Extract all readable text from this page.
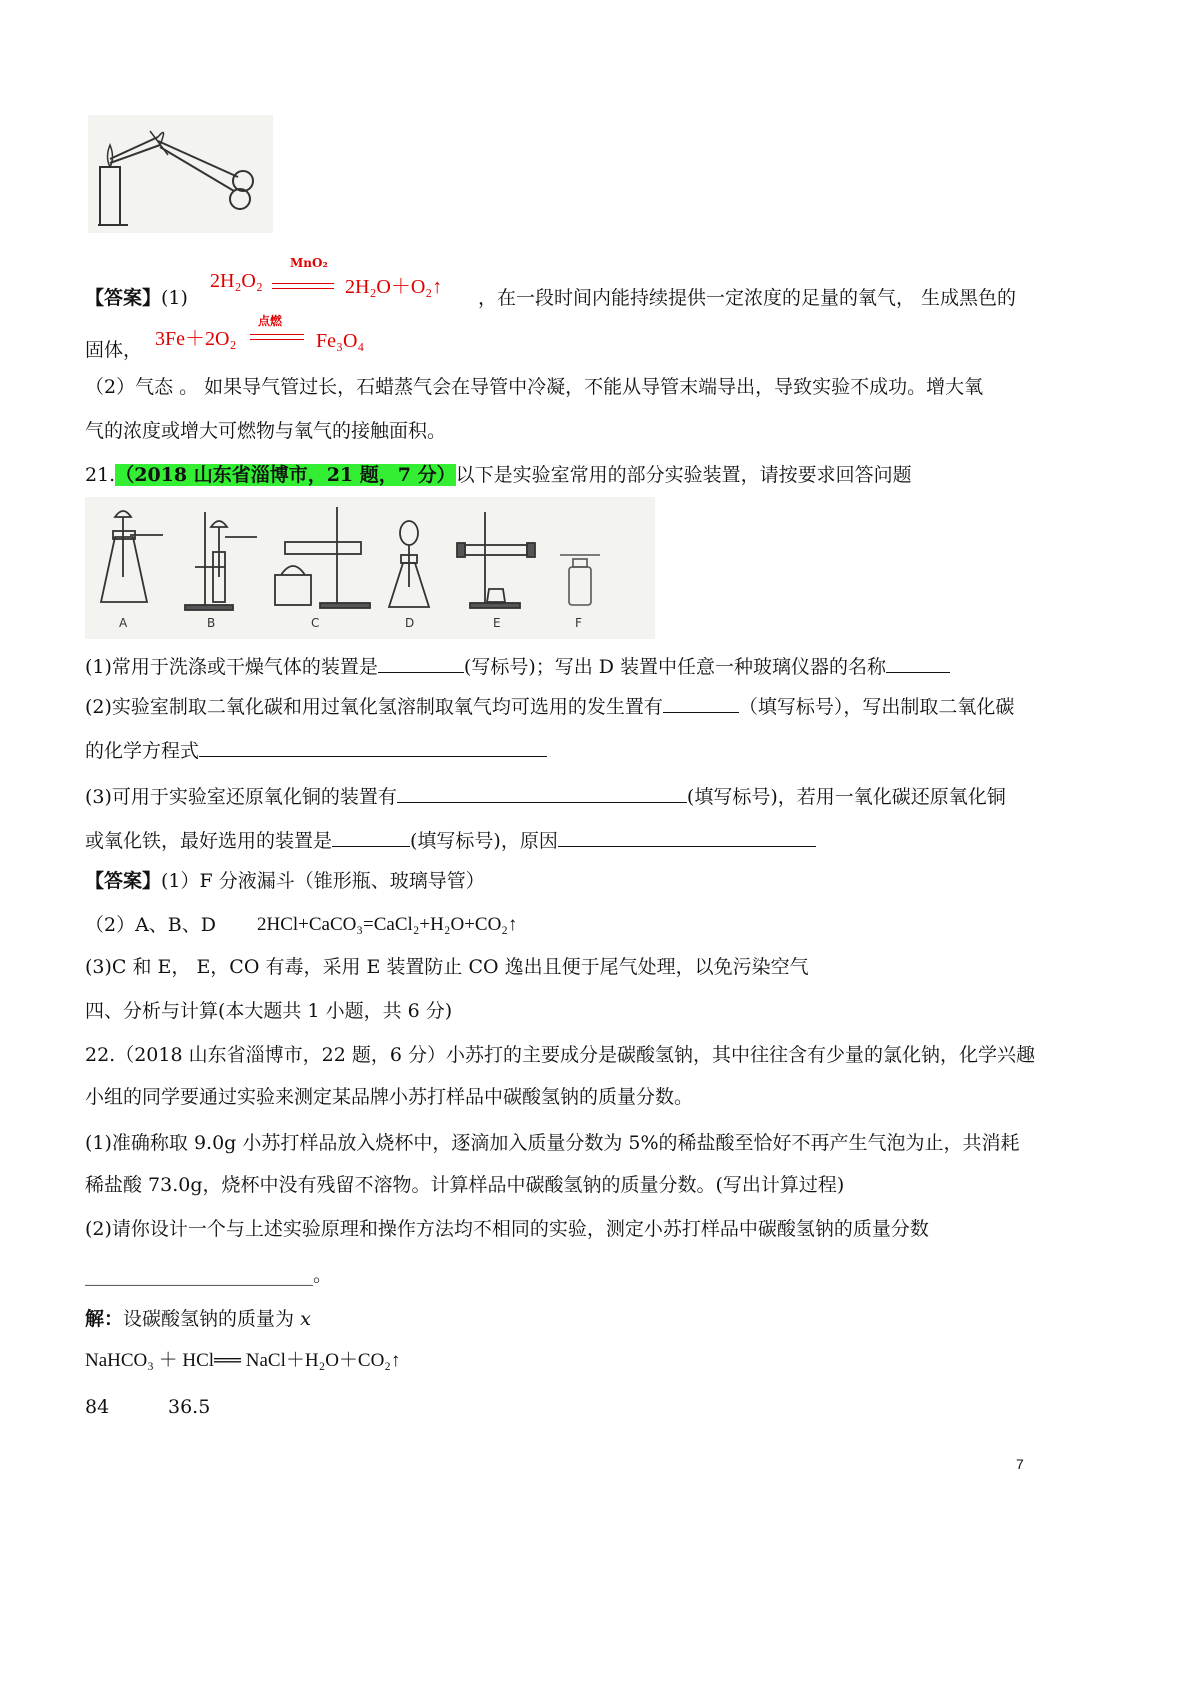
【答案】(1)
2H₂O₂
MnO₂
2H₂O＋O₂↑ ，在一段时间内能持续提供一定浓度的足量的氧气， 生成黑色的
固体， 3Fe＋2O₂
点燃
Fe₃O₄
（2）气态 。 如果导气管过长，石蜡蒸气会在导管中冷凝，不能从导管末端导出，导致实验不成功。增大氧
气的浓度或增大可燃物与氧气的接触面积。
21.（2018 山东省淄博市，21 题，7 分）以下是实验室常用的部分实验装置，请按要求回答问题
A	B	C	D	E	F
(1)常用于洗涤或干燥气体的装置是	(写标号)；写出 D 装置中任意一种玻璃仪器的名称
(2)实验室制取二氧化碳和用过氧化氢溶制取氧气均可选用的发生置有	（填写标号），写出制取二氧化碳
的化学方程式
(3)可用于实验室还原氧化铜的装置有	(填写标号)，若用一氧化碳还原氧化铜
或氧化铁，最好选用的装置是	(填写标号)，原因
【答案】(1）F 分液漏斗（锥形瓶、玻璃导管）
（2）A、B、D 2HCl+CaCO₃=CaCl₂+H₂O+CO₂↑
(3)C 和 E， E，CO 有毒，采用 E 装置防止 CO 逸出且便于尾气处理，以免污染空气
四、分析与计算(本大题共 1 小题，共 6 分)
22.（2018 山东省淄博市，22 题，6 分）小苏打的主要成分是碳酸氢钠，其中往往含有少量的氯化钠，化学兴趣
小组的同学要通过实验来测定某品牌小苏打样品中碳酸氢钠的质量分数。
(1)准确称取 9.0g 小苏打样品放入烧杯中，逐滴加入质量分数为 5%的稀盐酸至恰好不再产生气泡为止，共消耗
稀盐酸 73.0g，烧杯中没有残留不溶物。计算样品中碳酸氢钠的质量分数。(写出计算过程)
(2)请你设计一个与上述实验原理和操作方法均不相同的实验，测定小苏打样品中碳酸氢钠的质量分数
________________________。
解：设碳酸氢钠的质量为 x
NaHCO₃ ＋ HCl══ NaCl＋H₂O＋CO₂↑
84	36.5
7
